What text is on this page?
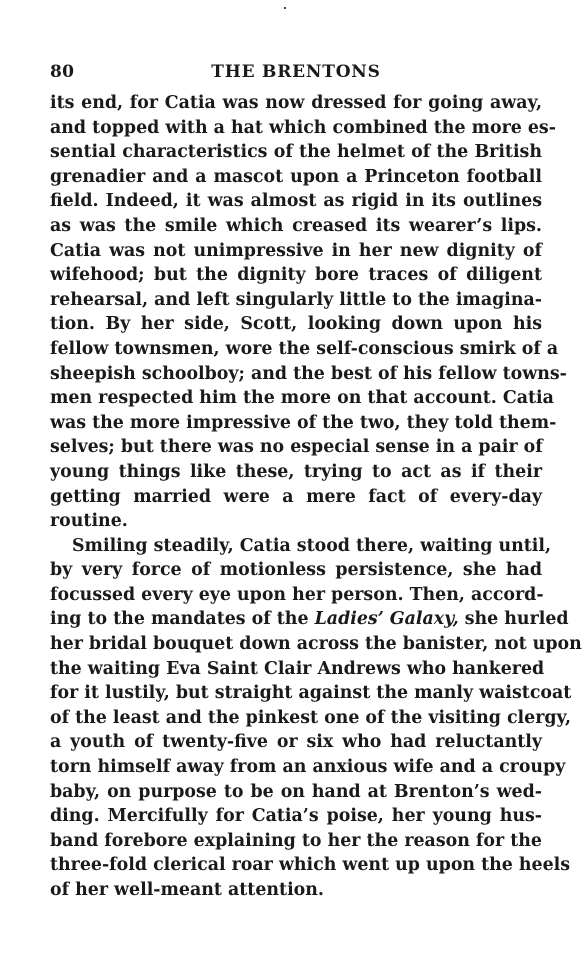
80	THE BRENTONS
its end, for Catia was now dressed for going away,
and topped with a hat which combined the more es-
sential characteristics of the helmet of the British
grenadier and a mascot upon a Princeton football
field. Indeed, it was almost as rigid in its outlines
as was the smile which creased its wearer’s lips.
Catia was not unimpressive in her new dignity of
wifehood; but the dignity bore traces of diligent
rehearsal, and left singularly little to the imagina-
tion. By her side, Scott, looking down upon his
fellow townsmen, wore the self-conscious smirk of a
sheepish schoolboy; and the best of his fellow towns-
men respected him the more on that account. Catia
was the more impressive of the two, they told them-
selves; but there was no especial sense in a pair of
young things like these, trying to act as if their
getting married were a mere fact of every-day
routine.
Smiling steadily, Catia stood there, waiting until,
by very force of motionless persistence, she had
focussed every eye upon her person. Then, accord-
ing to the mandates of the Ladies’ Galaxy, she hurled
her bridal bouquet down across the banister, not upon
the waiting Eva Saint Clair Andrews who hankered
for it lustily, but straight against the manly waistcoat
of the least and the pinkest one of the visiting clergy,
a youth of twenty-five or six who had reluctantly
torn himself away from an anxious wife and a croupy
baby, on purpose to be on hand at Brenton’s wed-
ding. Mercifully for Catia’s poise, her young hus-
band forebore explaining to her the reason for the
three-fold clerical roar which went up upon the heels
of her well-meant attention.
